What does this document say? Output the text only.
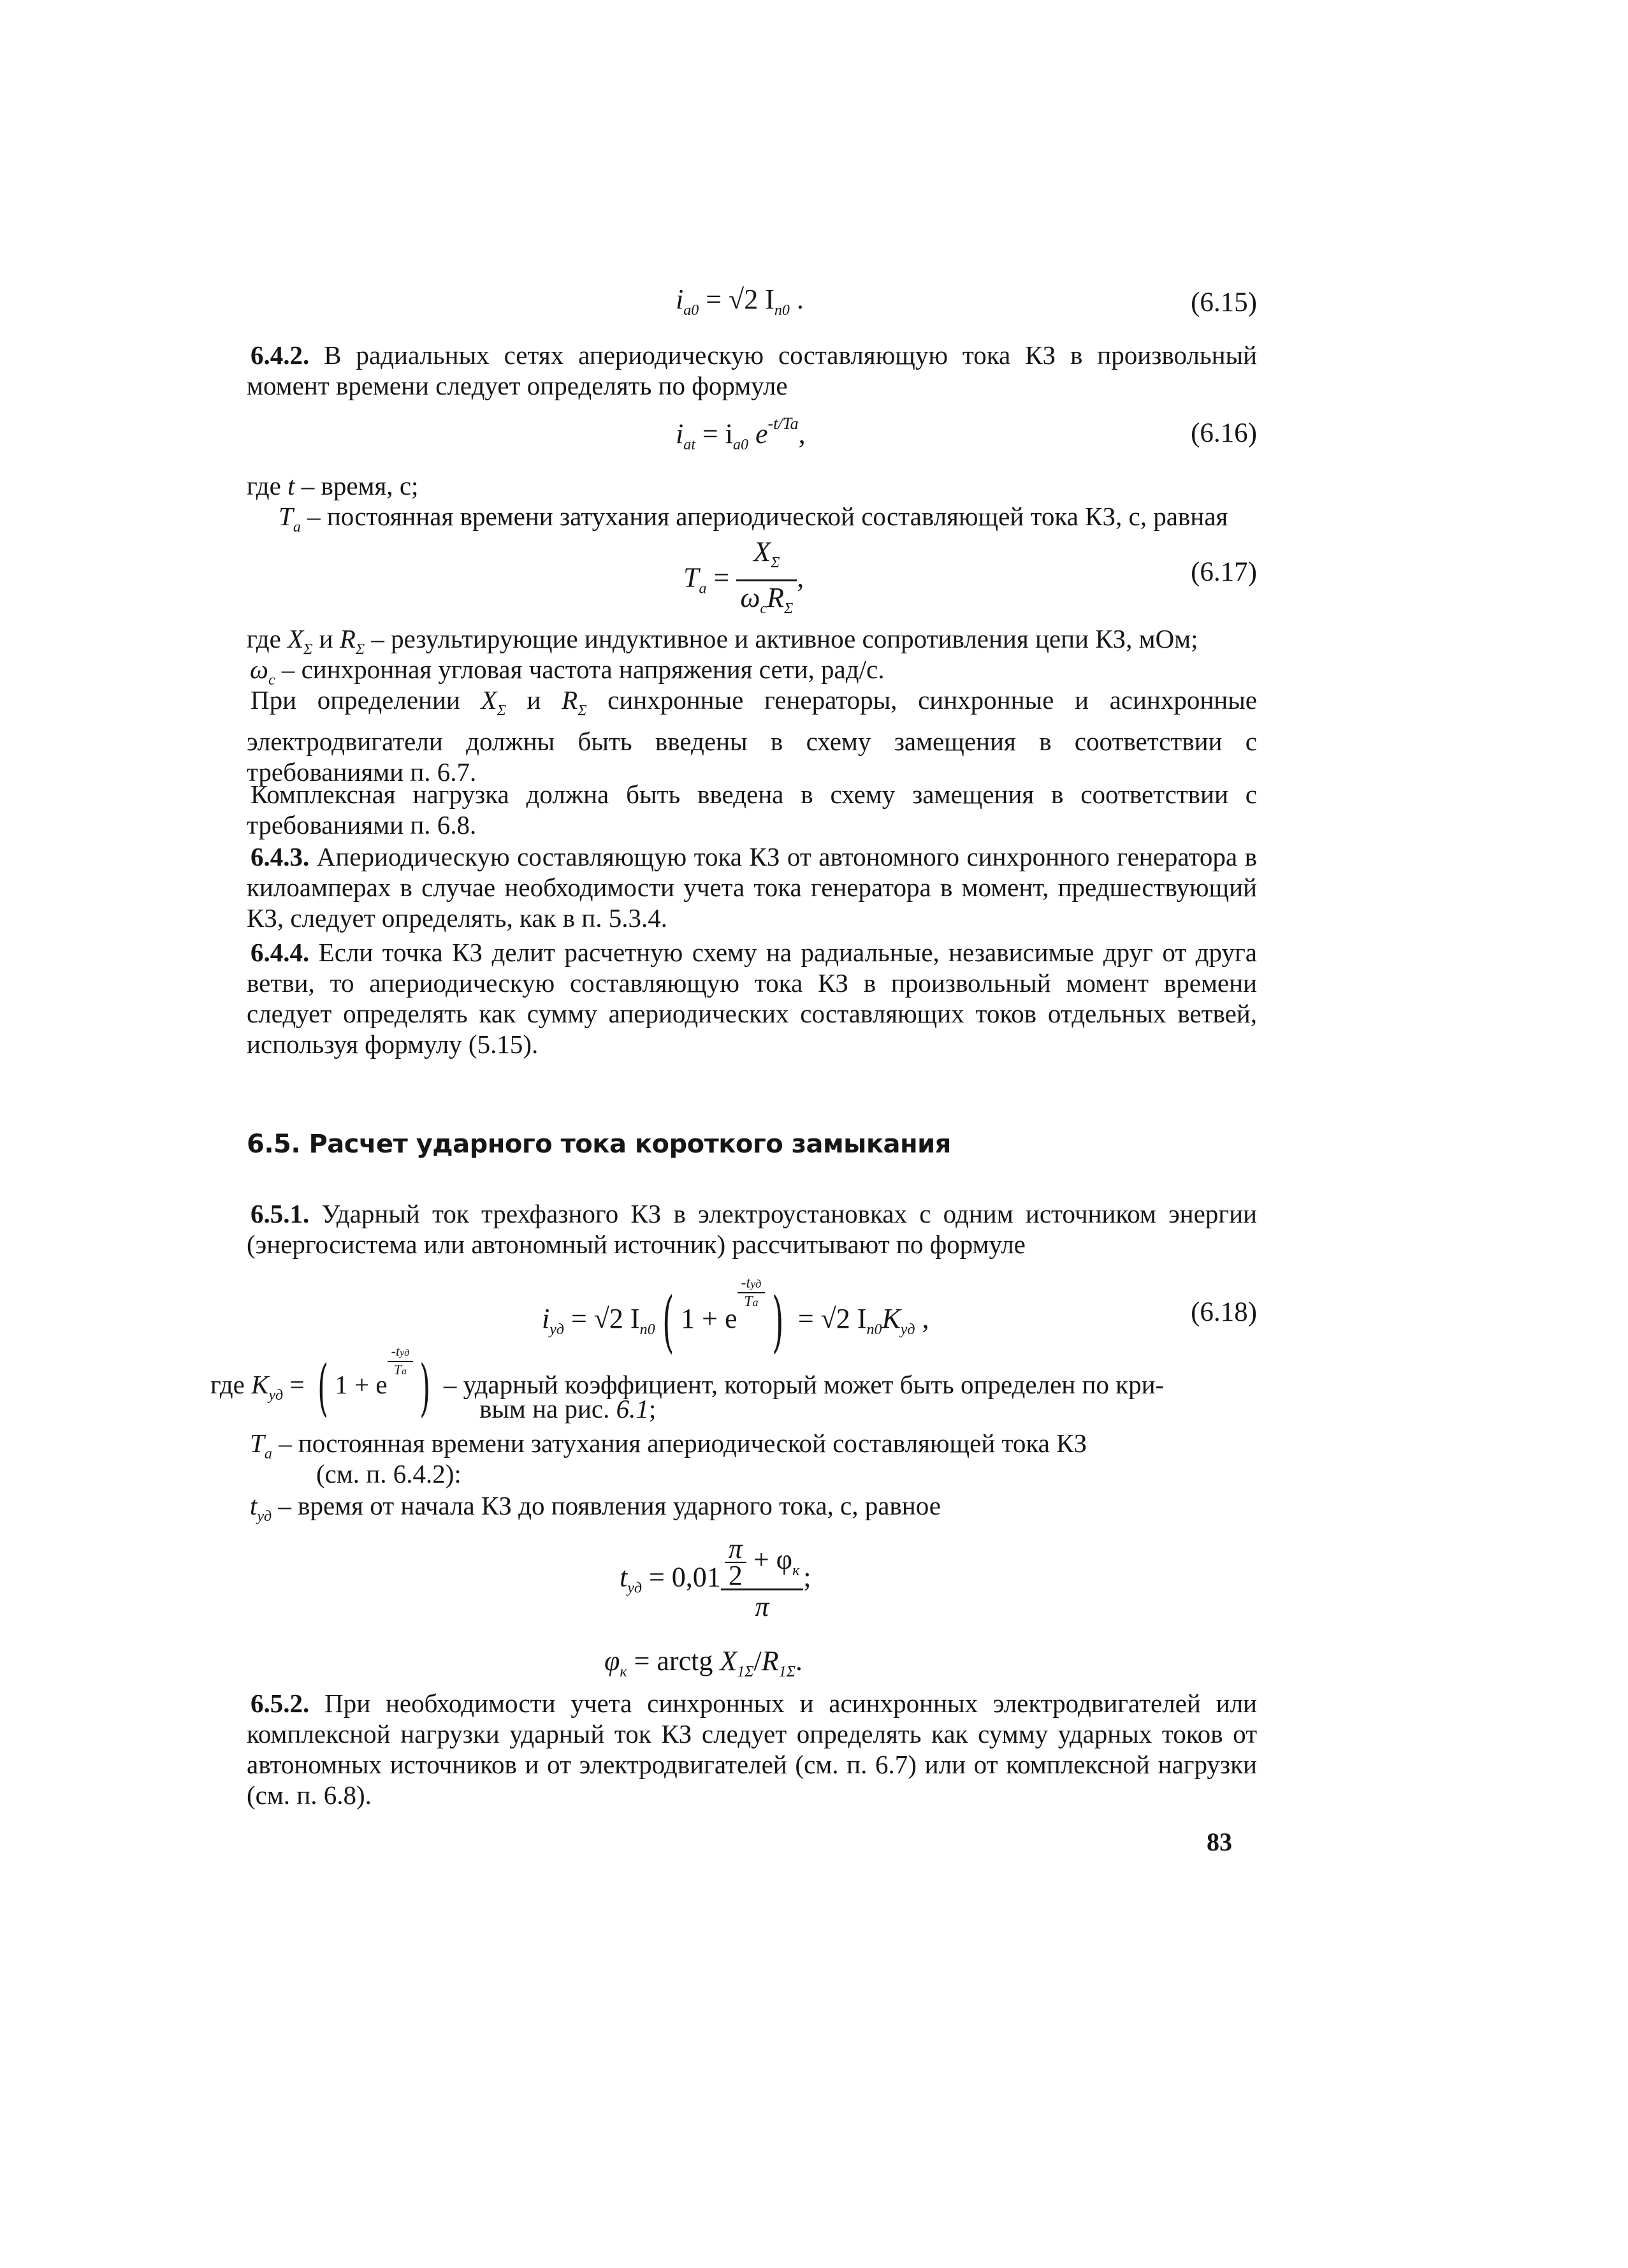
$i_{a0} = √2$ $I_{п0}$ .	(6.15)

6.4.2. В радиальных сетях апериодическую составляющую тока КЗ в произвольный момент времени следует определять по формуле

$i_{at} = i_{a0}$ $e^{-t/Ta}$,	(6.16)
где t – время, с;
$T_а$ – постоянная времени затухания апериодической составляющей тока КЗ, с, равная
$T_а = \frac{X_\Sigma}{\omega_сR_\Sigma}$ ,	(6.17)
где $X_\Sigma$ и $R_\Sigma$ – результирующие индуктивное и активное сопротивления цепи КЗ, мОм;
$\omega_с$ – синхронная угловая частота напряжения сети, рад/с.

При определении $X_\Sigma$ и $R_\Sigma$ синхронные генераторы, синхронные и асинхронные электродвигатели должны быть введены в схему замещения в соответствии с требованиями п. 6.7.

Комплексная нагрузка должна быть введена в схему замещения в соответствии с требованиями п. 6.8.

6.4.3. Апериодическую составляющую тока КЗ от автономного синхронного генератора в килоамперах в случае необходимости учета тока генератора в момент, предшествующий КЗ, следует определять, как в п. 5.3.4.

6.4.4. Если точка КЗ делит расчетную схему на радиальные, независимые друг от друга ветви, то апериодическую составляющую тока КЗ в произвольный момент времени следует определять как сумму апериодических составляющих токов отдельных ветвей, используя формулу (5.15).

6.5. Расчет ударного тока короткого замыкания

6.5.1. Ударный ток трехфазного КЗ в электроустановках с одним источником энергии (энергосистема или автономный источник) рассчитывают по формуле

$i_{уд} = √2$ $I_{п0}$ ( 1 + e
$\frac{\text{-tуд}}{Tа}$ ) = √2 $I_{п0}K_{уд}$ ,	(6.18)
где $K_{уд}$ = ( 1 + e
$\frac{\text{-tуд}}{Ta}$ ) – ударный коэффициент, который может быть определен по кри-
вым на рис. 6.1;
$T_а$ – постоянная времени затухания апериодической составляющей тока КЗ
(см. п. 6.4.2):
$t_{уд}$ – время от начала КЗ до появления ударного тока, с, равное
$t_{уд} = 0,01 \frac{\frac{\pi}{2} + \varphi_к}{\pi}$ ;
$\varphi_к$ = arctg $X_{1\Sigma}/R_{1\Sigma}$.

6.5.2. При необходимости учета синхронных и асинхронных электродвигателей или комплексной нагрузки ударный ток КЗ следует определять как сумму ударных токов от автономных источников и от электродвигателей (см. п. 6.7) или от комплексной нагрузки (см. п. 6.8).

83
